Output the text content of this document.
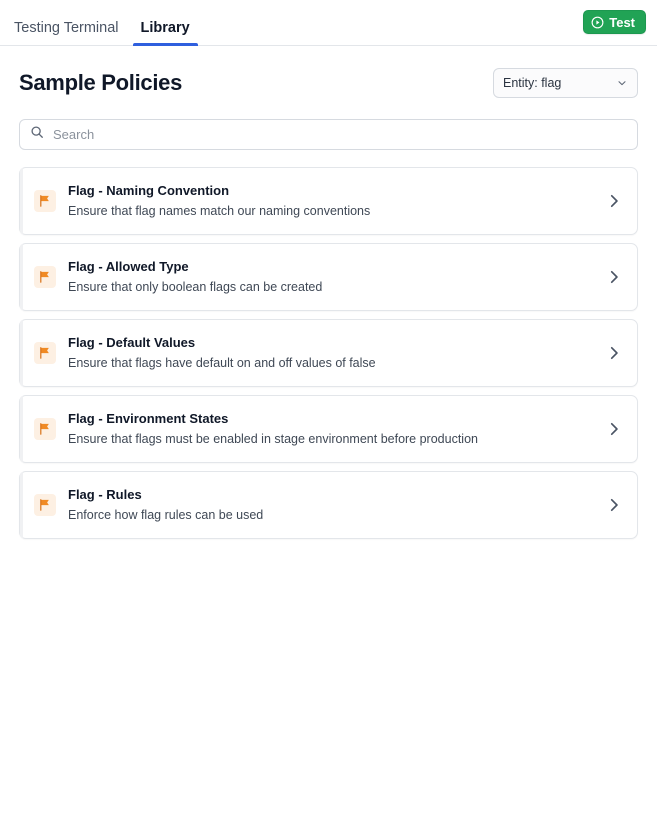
Testing Terminal Library	Test
Sample Policies	Entity: flag
Search
Flag - Naming Convention
Ensure that flag names match our naming conventions
Flag - Allowed Type
Ensure that only boolean flags can be created
Flag - Default Values
Ensure that flags have default on and off values of false
Flag - Environment States
Ensure that flags must be enabled in stage environment before production
Flag - Rules
Enforce how flag rules can be used
